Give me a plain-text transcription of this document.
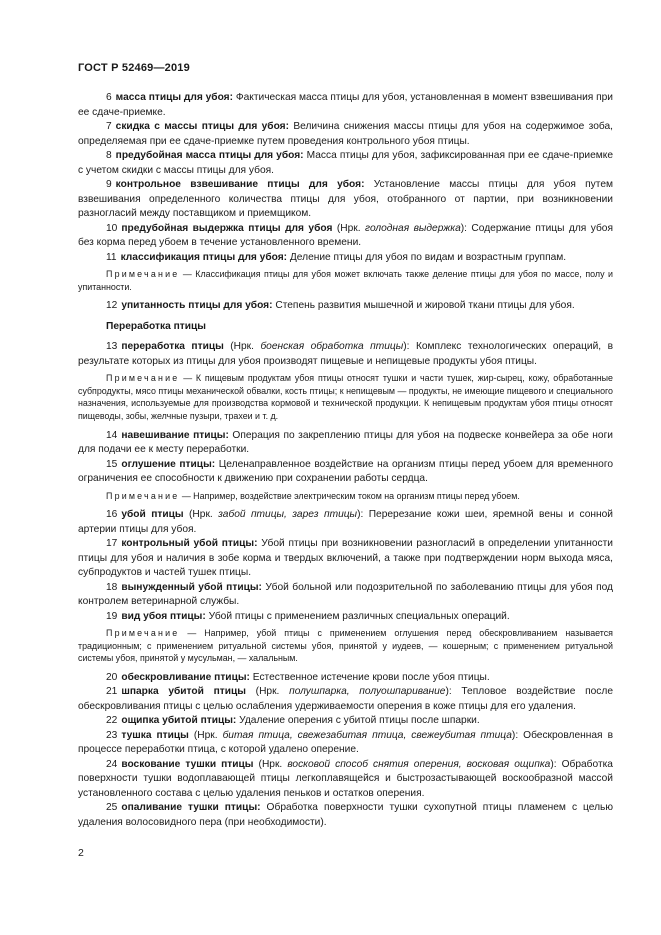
ГОСТ Р 52469—2019

6 масса птицы для убоя: Фактическая масса птицы для убоя, установленная в момент взвешивания при ее сдаче-приемке.

7 скидка с массы птицы для убоя: Величина снижения массы птицы для убоя на содержимое зоба, определяемая при ее сдаче-приемке путем проведения контрольного убоя птицы.

8 предубойная масса птицы для убоя: Масса птицы для убоя, зафиксированная при ее сдаче-приемке с учетом скидки с массы птицы для убоя.

9 контрольное взвешивание птицы для убоя: Установление массы птицы для убоя путем взвешивания определенного количества птицы для убоя, отобранного от партии, при возникновении разногласий между поставщиком и приемщиком.

10 предубойная выдержка птицы для убоя (Нрк. голодная выдержка): Содержание птицы для убоя без корма перед убоем в течение установленного времени.

11 классификация птицы для убоя: Деление птицы для убоя по видам и возрастным группам.

Примечание — Классификация птицы для убоя может включать также деление птицы для убоя по массе, полу и упитанности.

12 упитанность птицы для убоя: Степень развития мышечной и жировой ткани птицы для убоя.

Переработка птицы

13 переработка птицы (Нрк. боенская обработка птицы): Комплекс технологических операций, в результате которых из птицы для убоя производят пищевые и непищевые продукты убоя птицы.

Примечание — К пищевым продуктам убоя птицы относят тушки и части тушек, жир-сырец, кожу, обработанные субпродукты, мясо птицы механической обвалки, кость птицы; к непищевым — продукты, не имеющие пищевого и специального назначения, используемые для производства кормовой и технической продукции. К непищевым продуктам убоя птицы относят пищеводы, зобы, желчные пузыри, трахеи и т. д.

14 навешивание птицы: Операция по закреплению птицы для убоя на подвеске конвейера за обе ноги для подачи ее к месту переработки.

15 оглушение птицы: Целенаправленное воздействие на организм птицы перед убоем для временного ограничения ее способности к движению при сохранении работы сердца.

Примечание — Например, воздействие электрическим током на организм птицы перед убоем.

16 убой птицы (Нрк. забой птицы, зарез птицы): Перерезание кожи шеи, яремной вены и сонной артерии птицы для убоя.

17 контрольный убой птицы: Убой птицы при возникновении разногласий в определении упитанности птицы для убоя и наличия в зобе корма и твердых включений, а также при подтверждении норм выхода мяса, субпродуктов и частей тушек птицы.

18 вынужденный убой птицы: Убой больной или подозрительной по заболеванию птицы для убоя под контролем ветеринарной службы.

19 вид убоя птицы: Убой птицы с применением различных специальных операций.

Примечание — Например, убой птицы с применением оглушения перед обескровливанием называется традиционным; с применением ритуальной системы убоя, принятой у иудеев, — кошерным; с применением ритуальной системы убоя, принятой у мусульман, — халальным.

20 обескровливание птицы: Естественное истечение крови после убоя птицы.

21 шпарка убитой птицы (Нрк. полушпарка, полуошпаривание): Тепловое воздействие после обескровливания птицы с целью ослабления удерживаемости оперения в коже птицы для его удаления.

22 ощипка убитой птицы: Удаление оперения с убитой птицы после шпарки.

23 тушка птицы (Нрк. битая птица, свежезабитая птица, свежеубитая птица): Обескровленная в процессе переработки птица, с которой удалено оперение.

24 воскование тушки птицы (Нрк. восковой способ снятия оперения, восковая ощипка): Обработка поверхности тушки водоплавающей птицы легкоплавящейся и быстрозастывающей воскообразной массой установленного состава с целью удаления пеньков и остатков оперения.

25 опаливание тушки птицы: Обработка поверхности тушки сухопутной птицы пламенем с целью удаления волосовидного пера (при необходимости).

2
